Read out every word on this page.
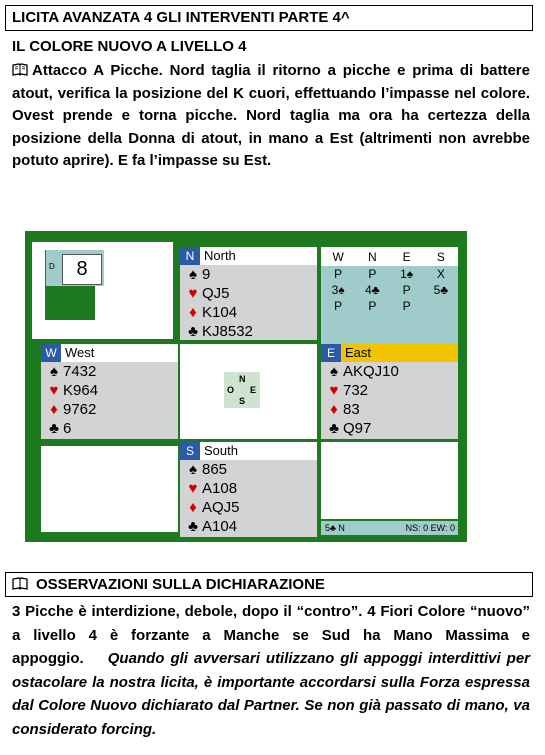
LICITA AVANZATA 4 GLI INTERVENTI PARTE 4^
IL COLORE NUOVO A LIVELLO 4
Attacco A Picche. Nord taglia il ritorno a picche e prima di battere atout, verifica la posizione del K cuori, effettuando l’impasse nel colore. Ovest prende e torna picche. Nord taglia ma ora ha certezza della posizione della Donna di atout, in mano a Est (altrimenti non avrebbe potuto aprire). E fa l’impasse su Est.
D	8
N North
♠ 9
♥ QJ5
♦ K104
♣ KJ8532
W	N	E	S
P	P	1♠	X
3♠	4♣	P	5♣
P	P	P	
W West
♠ 7432
♥ K964
♦ 9762
♣ 6
N
O E
S
E East
♠ AKQJ10
♥ 732
♦ 83
♣ Q97
S South
♠ 865
♥ A108
♦ AQJ5
♣ A104	5♣ N	NS: 0 EW: 0
OSSERVAZIONI SULLA DICHIARAZIONE
3 Picche è interdizione, debole, dopo il “contro”. 4 Fiori Colore “nuovo” a livello 4 è forzante a Manche se Sud ha Mano Massima e appoggio. Quando gli avversari utilizzano gli appoggi interdittivi per ostacolare la nostra licita, è importante accordarsi sulla Forza espressa dal Colore Nuovo dichiarato dal Partner. Se non già passato di mano, va considerato forcing.
